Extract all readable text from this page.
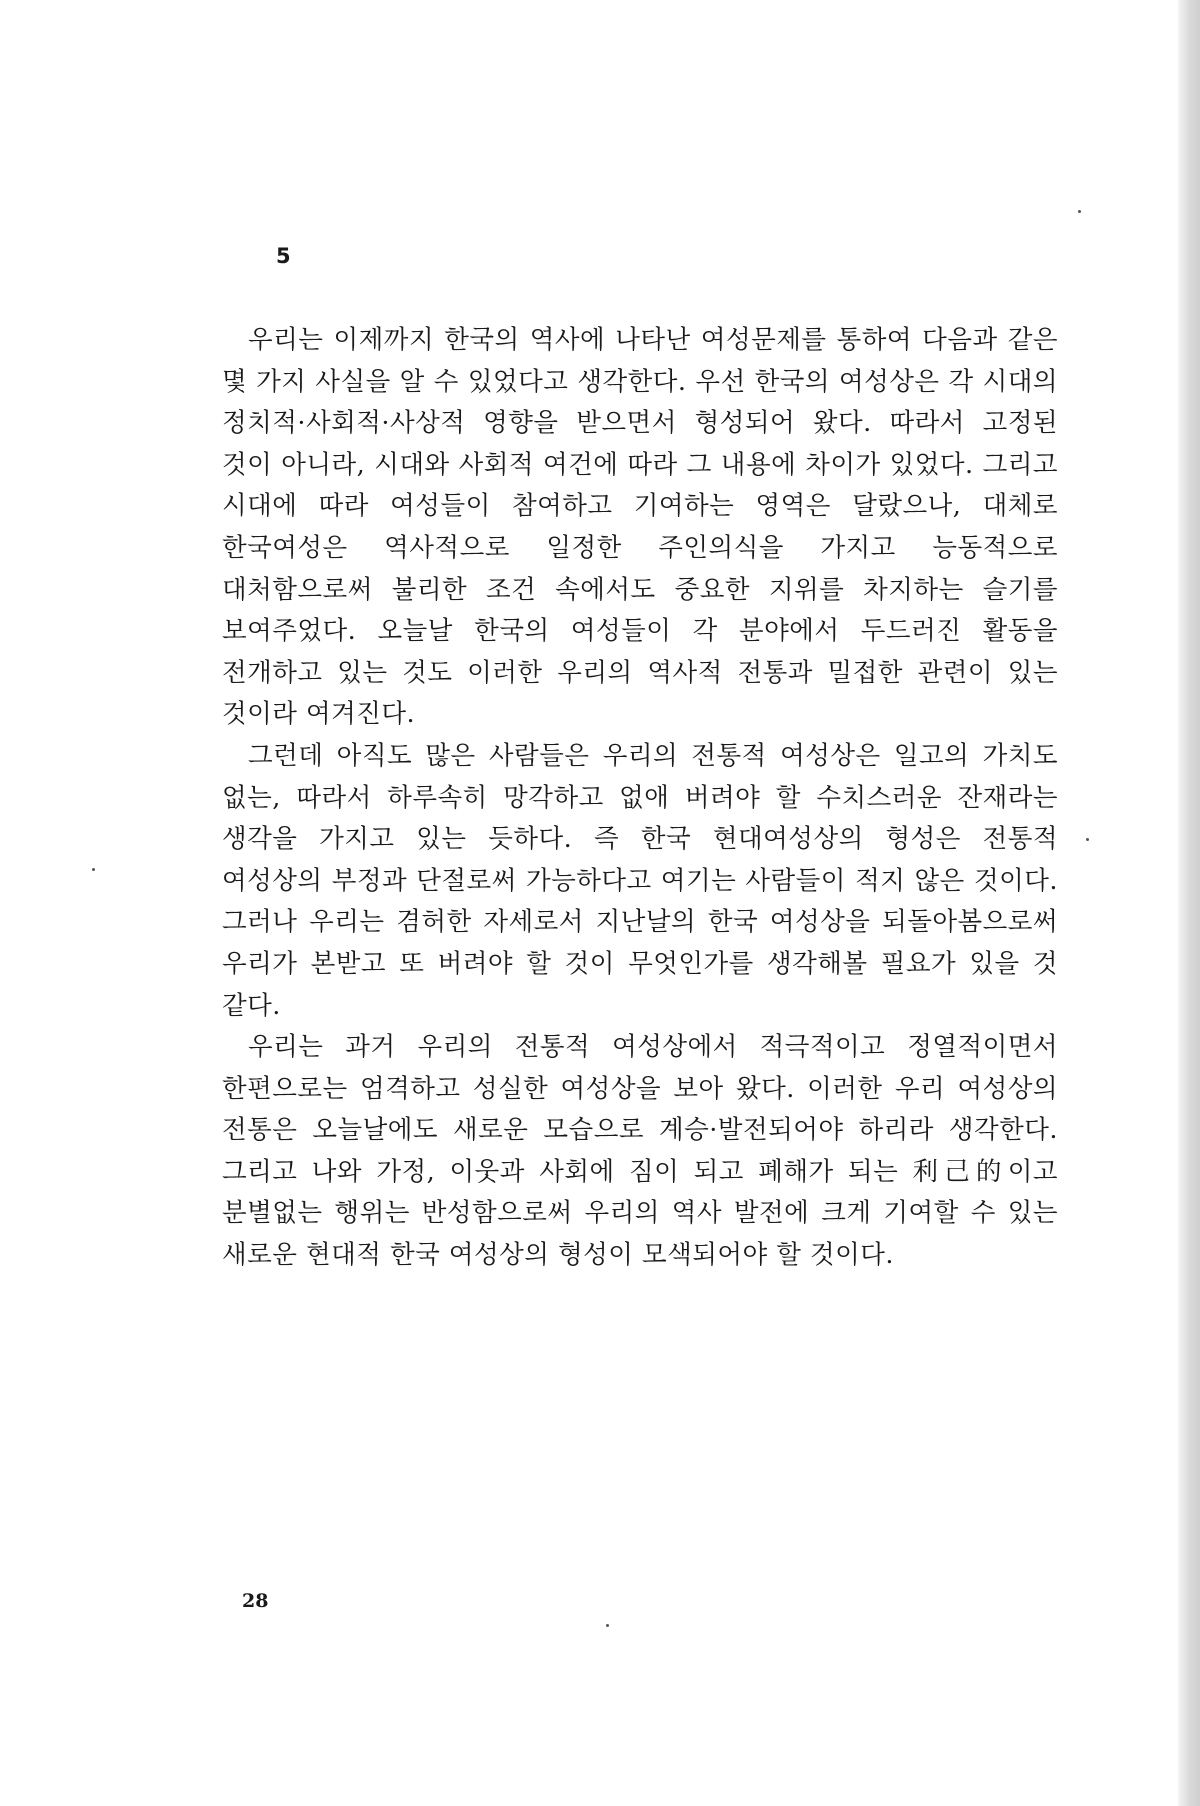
5

우리는 이제까지 한국의 역사에 나타난 여성문제를 통하여 다음과 같은 몇 가지 사실을 알 수 있었다고 생각한다. 우선 한국의 여성상은 각 시대의 정치적·사회적·사상적 영향을 받으면서 형성되어 왔다. 따라서 고정된 것이 아니라, 시대와 사회적 여건에 따라 그 내용에 차이가 있었다. 그리고 시대에 따라 여성들이 참여하고 기여하는 영역은 달랐으나, 대체로 한국여성은 역사적으로 일정한 주인의식을 가지고 능동적으로 대처함으로써 불리한 조건 속에서도 중요한 지위를 차지하는 슬기를 보여주었다. 오늘날 한국의 여성들이 각 분야에서 두드러진 활동을 전개하고 있는 것도 이러한 우리의 역사적 전통과 밀접한 관련이 있는 것이라 여겨진다.

그런데 아직도 많은 사람들은 우리의 전통적 여성상은 일고의 가치도 없는, 따라서 하루속히 망각하고 없애 버려야 할 수치스러운 잔재라는 생각을 가지고 있는 듯하다. 즉 한국 현대여성상의 형성은 전통적 여성상의 부정과 단절로써 가능하다고 여기는 사람들이 적지 않은 것이다. 그러나 우리는 겸허한 자세로서 지난날의 한국 여성상을 되돌아봄으로써 우리가 본받고 또 버려야 할 것이 무엇인가를 생각해볼 필요가 있을 것 같다.

우리는 과거 우리의 전통적 여성상에서 적극적이고 정열적이면서 한편으로는 엄격하고 성실한 여성상을 보아 왔다. 이러한 우리 여성상의 전통은 오늘날에도 새로운 모습으로 계승·발전되어야 하리라 생각한다. 그리고 나와 가정, 이웃과 사회에 짐이 되고 폐해가 되는 利己的이고 분별없는 행위는 반성함으로써 우리의 역사 발전에 크게 기여할 수 있는 새로운 현대적 한국 여성상의 형성이 모색되어야 할 것이다.

28
